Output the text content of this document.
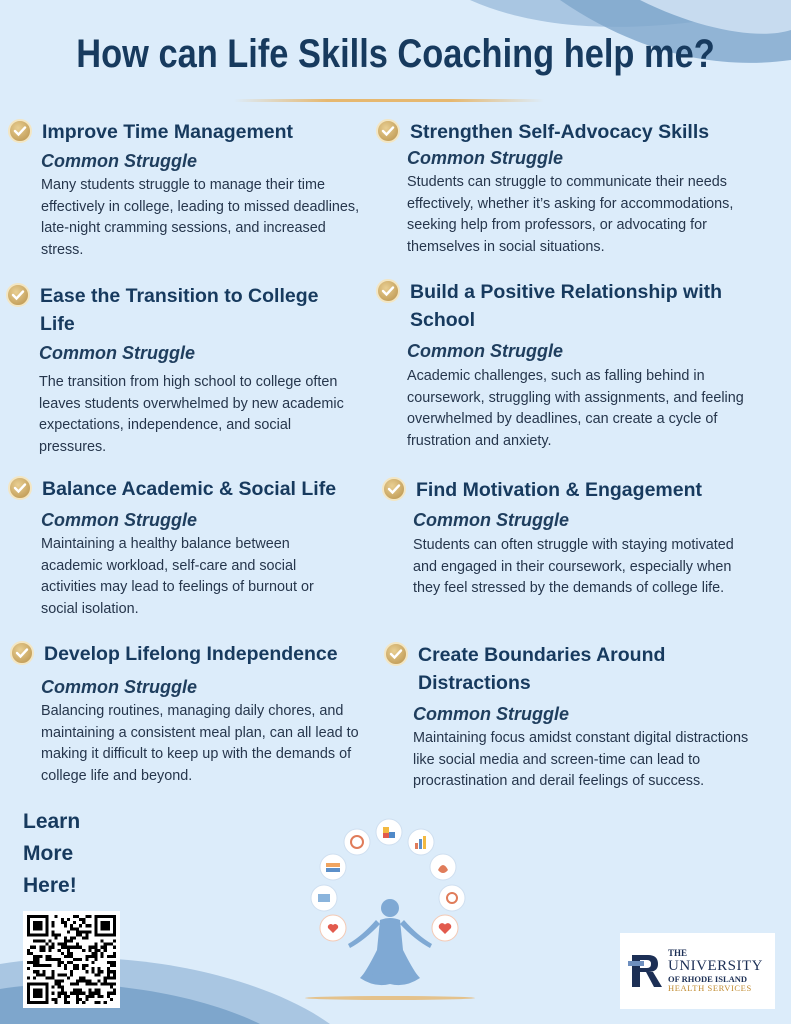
How can Life Skills Coaching help me?
Improve Time Management
Common Struggle

Many students struggle to manage their time effectively in college, leading to missed deadlines, late-night cramming sessions, and increased stress.

Strengthen Self-Advocacy Skills
Common Struggle

Students can struggle to communicate their needs effectively, whether it’s asking for accommodations, seeking help from professors, or advocating for themselves in social situations.

Ease the Transition to College Life
Common Struggle

The transition from high school to college often leaves students overwhelmed by new academic expectations, independence, and social pressures.

Build a Positive Relationship with School
Common Struggle

Academic challenges, such as falling behind in coursework, struggling with assignments, and feeling overwhelmed by deadlines, can create a cycle of frustration and anxiety.

Balance Academic & Social Life
Common Struggle

Maintaining a healthy balance between academic workload, self-care and social activities may lead to feelings of burnout or social isolation.

Find Motivation & Engagement
Common Struggle

Students can often struggle with staying motivated and engaged in their coursework, especially when they feel stressed by the demands of college life.

Develop Lifelong Independence
Common Struggle

Balancing routines, managing daily chores, and maintaining a consistent meal plan, can all lead to making it difficult to keep up with the demands of college life and beyond.

Create Boundaries Around Distractions
Common Struggle

Maintaining focus amidst constant digital distractions like social media and screen-time can lead to procrastination and derail feelings of success.

Learn
More
Here!
THE
UNIVERSITY
OF RHODE ISLAND
HEALTH SERVICES
